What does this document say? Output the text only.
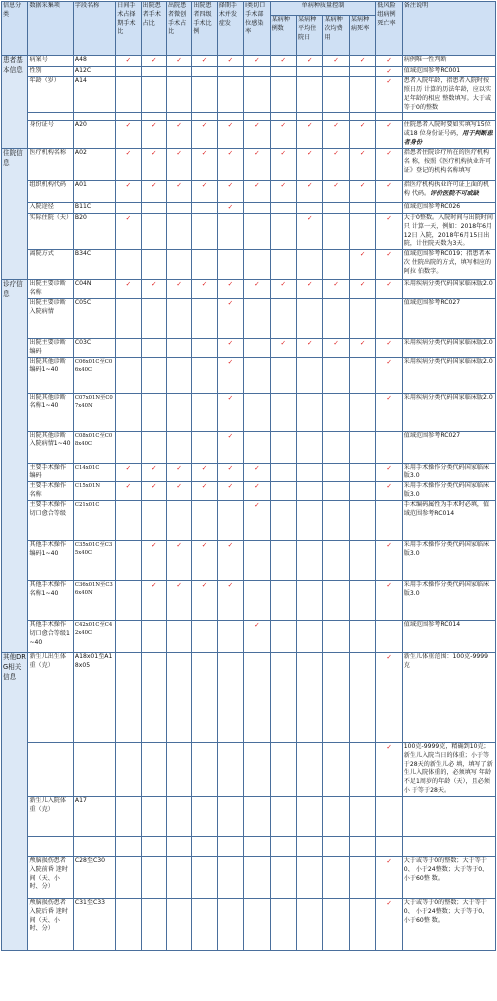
信息分类	数据采集项	字段名称	日间手术占择期手术比	出院患者手术占比	出院患者微创手术占比	出院患者四级手术比例	择期手术并发症发	I类切口手术部位感染率	单病种质量控制				低风险组病例死亡率	备注说明
									某病种例数	某病种平均住院日	某病种次均费用	某病种病死率		
患者基本信息	病案号	A48	✓	✓	✓	✓	✓	✓	✓	✓	✓	✓	✓	病例唯一性判断
	性别	A12C											✓	值域范围参考RC001
	年龄（岁）	A14											✓	患者入院年龄，指患者入院时按照日历 计算的历法年龄，应以实足年龄的相应 整数填写。大于或等于0的整数

	身份证号	A20	✓	✓	✓	✓	✓	✓	✓	✓	✓	✓	✓	住院患者入院时要如实填写15位或18 位身份证号码，用于判断患者身份
住院信息	医疗机构名称	A02	✓	✓	✓	✓	✓	✓	✓	✓	✓	✓	✓	指患者住院诊疗所在的医疗机构名 称，按照《医疗机构执业许可证》登记的机构名称填写
	组织机构代码	A01	✓	✓	✓	✓	✓	✓	✓	✓	✓	✓	✓	指医疗机构执业许可证上面的机构 代码。评价医院不可或缺
	入院途径	B11C					✓							值域范围参考RC026
	实际住院（天）	B20	✓							✓			✓	大于0整数。入院时间与出院时间只 计算一天，例如：2018年6月12日 入院，2018年6月15日出院，计住院天数为3天。
	离院方式	B34C										✓	✓	值域范围参考RC019；指患者本次 住院出院的方式，填写相应的阿拉 伯数字。
诊疗信息	出院主要诊断名称	C04N	✓	✓	✓	✓	✓	✓	✓	✓	✓	✓	✓	采用疾病分类代码国家临床版2.0
	出院主要诊断入院病情	C05C					✓							值域范围参考RC027
	出院主要诊断编码	C03C					✓		✓	✓	✓	✓	✓	采用疾病分类代码国家临床版2.0
	出院其他诊断编码1~40	C06x01C至C06x40C					✓						✓	采用疾病分类代码国家临床版2.0
	出院其他诊断名称1~40	C07x01N至C07x40N					✓						✓	采用疾病分类代码国家临床版2.0
	出院其他诊断入院病情1~40	C08x01C至C08x40C					✓							值域范围参考RC027
	主要手术操作编码	C14x01C	✓	✓	✓	✓	✓	✓					✓	采用手术操作分类代码国家临床版3.0
	主要手术操作名称	C15x01N	✓	✓	✓	✓	✓	✓					✓	采用手术操作分类代码国家临床版3.0
	主要手术操作切口愈合等级	C21x01C						✓						手术编码属性为手术时必填，值域范围参考RC014
	其他手术操作编码1~40	C35x01C至C35x40C		✓	✓	✓	✓						✓	采用手术操作分类代码国家临床版3.0
	其他手术操作名称1~40	C36x01N至C36x40N		✓	✓	✓	✓						✓	采用手术操作分类代码国家临床版3.0
	其他手术操作切口愈合等级1~40	C42x01C至C42x40C						✓						值域范围参考RC014
其他DRG相关信息	新生儿出生体重（克）	A18x01至A18x05											✓	新生儿体重范围：100克-9999克
													✓	100克-9999克，精确到10克；新生儿入院当日的体重；小于等于28天的新生儿必 填，填写了新生儿入院体重的，必须填写 年龄不足1周岁的年龄（天），且必须小 于等于28天。
	新生儿入院体重（克）	A17												

	颅脑损伤患者入院前昏 迷时间（天、小时、分）	C28至C30											✓	大于或等于0的整数；大于等于0、 小于24整数；大于等于0、小于60整 数。
	颅脑损伤患者入院后昏 迷时间（天、小时、分）	C31至C33											✓	大于或等于0的整数；大于等于0、 小于24整数；大于等于0、小于60整 数。
